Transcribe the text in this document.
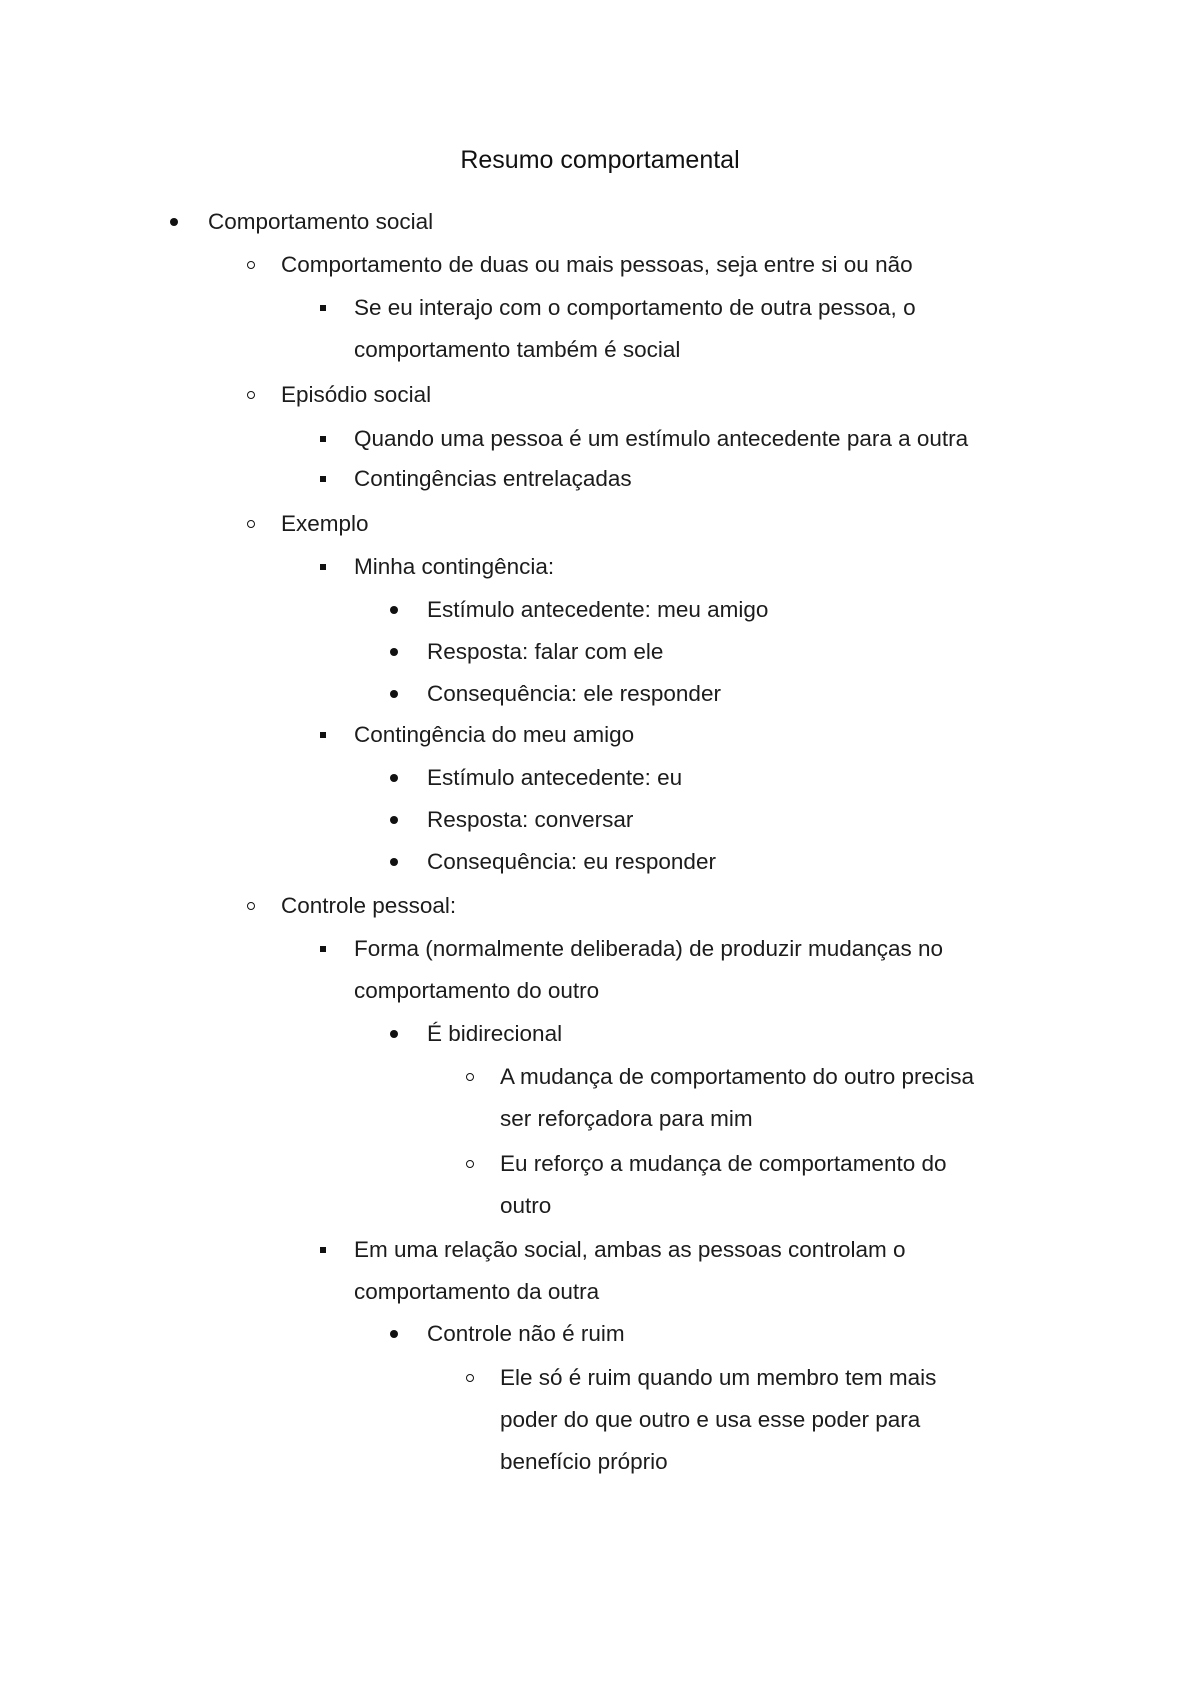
Resumo comportamental
Comportamento social
Comportamento de duas ou mais pessoas, seja entre si ou não
Se eu interajo com o comportamento de outra pessoa, o
comportamento também é social
Episódio social
Quando uma pessoa é um estímulo antecedente para a outra
Contingências entrelaçadas
Exemplo
Minha contingência:
Estímulo antecedente: meu amigo
Resposta: falar com ele
Consequência: ele responder
Contingência do meu amigo
Estímulo antecedente: eu
Resposta: conversar
Consequência: eu responder
Controle pessoal:
Forma (normalmente deliberada) de produzir mudanças no
comportamento do outro
É bidirecional
A mudança de comportamento do outro precisa
ser reforçadora para mim
Eu reforço a mudança de comportamento do
outro
Em uma relação social, ambas as pessoas controlam o
comportamento da outra
Controle não é ruim
Ele só é ruim quando um membro tem mais
poder do que outro e usa esse poder para
benefício próprio
